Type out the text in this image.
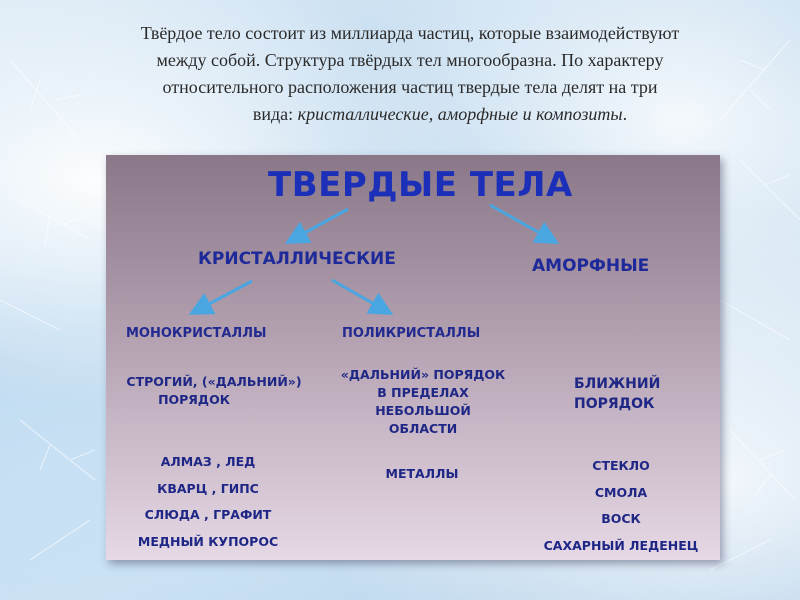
Твёрдое тело состоит из миллиарда частиц, которые взаимодействуют
между собой. Структура твёрдых тел многообразна. По характеру
относительного расположения частиц твердые тела делят на три
вида: кристаллические, аморфные и композиты.
ТВЕРДЫЕ ТЕЛА
КРИСТАЛЛИЧЕСКИЕ	АМОРФНЫЕ
МОНОКРИСТАЛЛЫ	ПОЛИКРИСТАЛЛЫ
СТРОГИЙ, («ДАЛЬНИЙ»)
ПОРЯДОК
«ДАЛЬНИЙ» ПОРЯДОК
В ПРЕДЕЛАХ
НЕБОЛЬШОЙ
ОБЛАСТИ
БЛИЖНИЙ
ПОРЯДОК
АЛМАЗ , ЛЕД
КВАРЦ , ГИПС
СЛЮДА , ГРАФИТ
МЕДНЫЙ КУПОРОС
МЕТАЛЛЫ
СТЕКЛО
СМОЛА
ВОСК
САХАРНЫЙ ЛЕДЕНЕЦ
